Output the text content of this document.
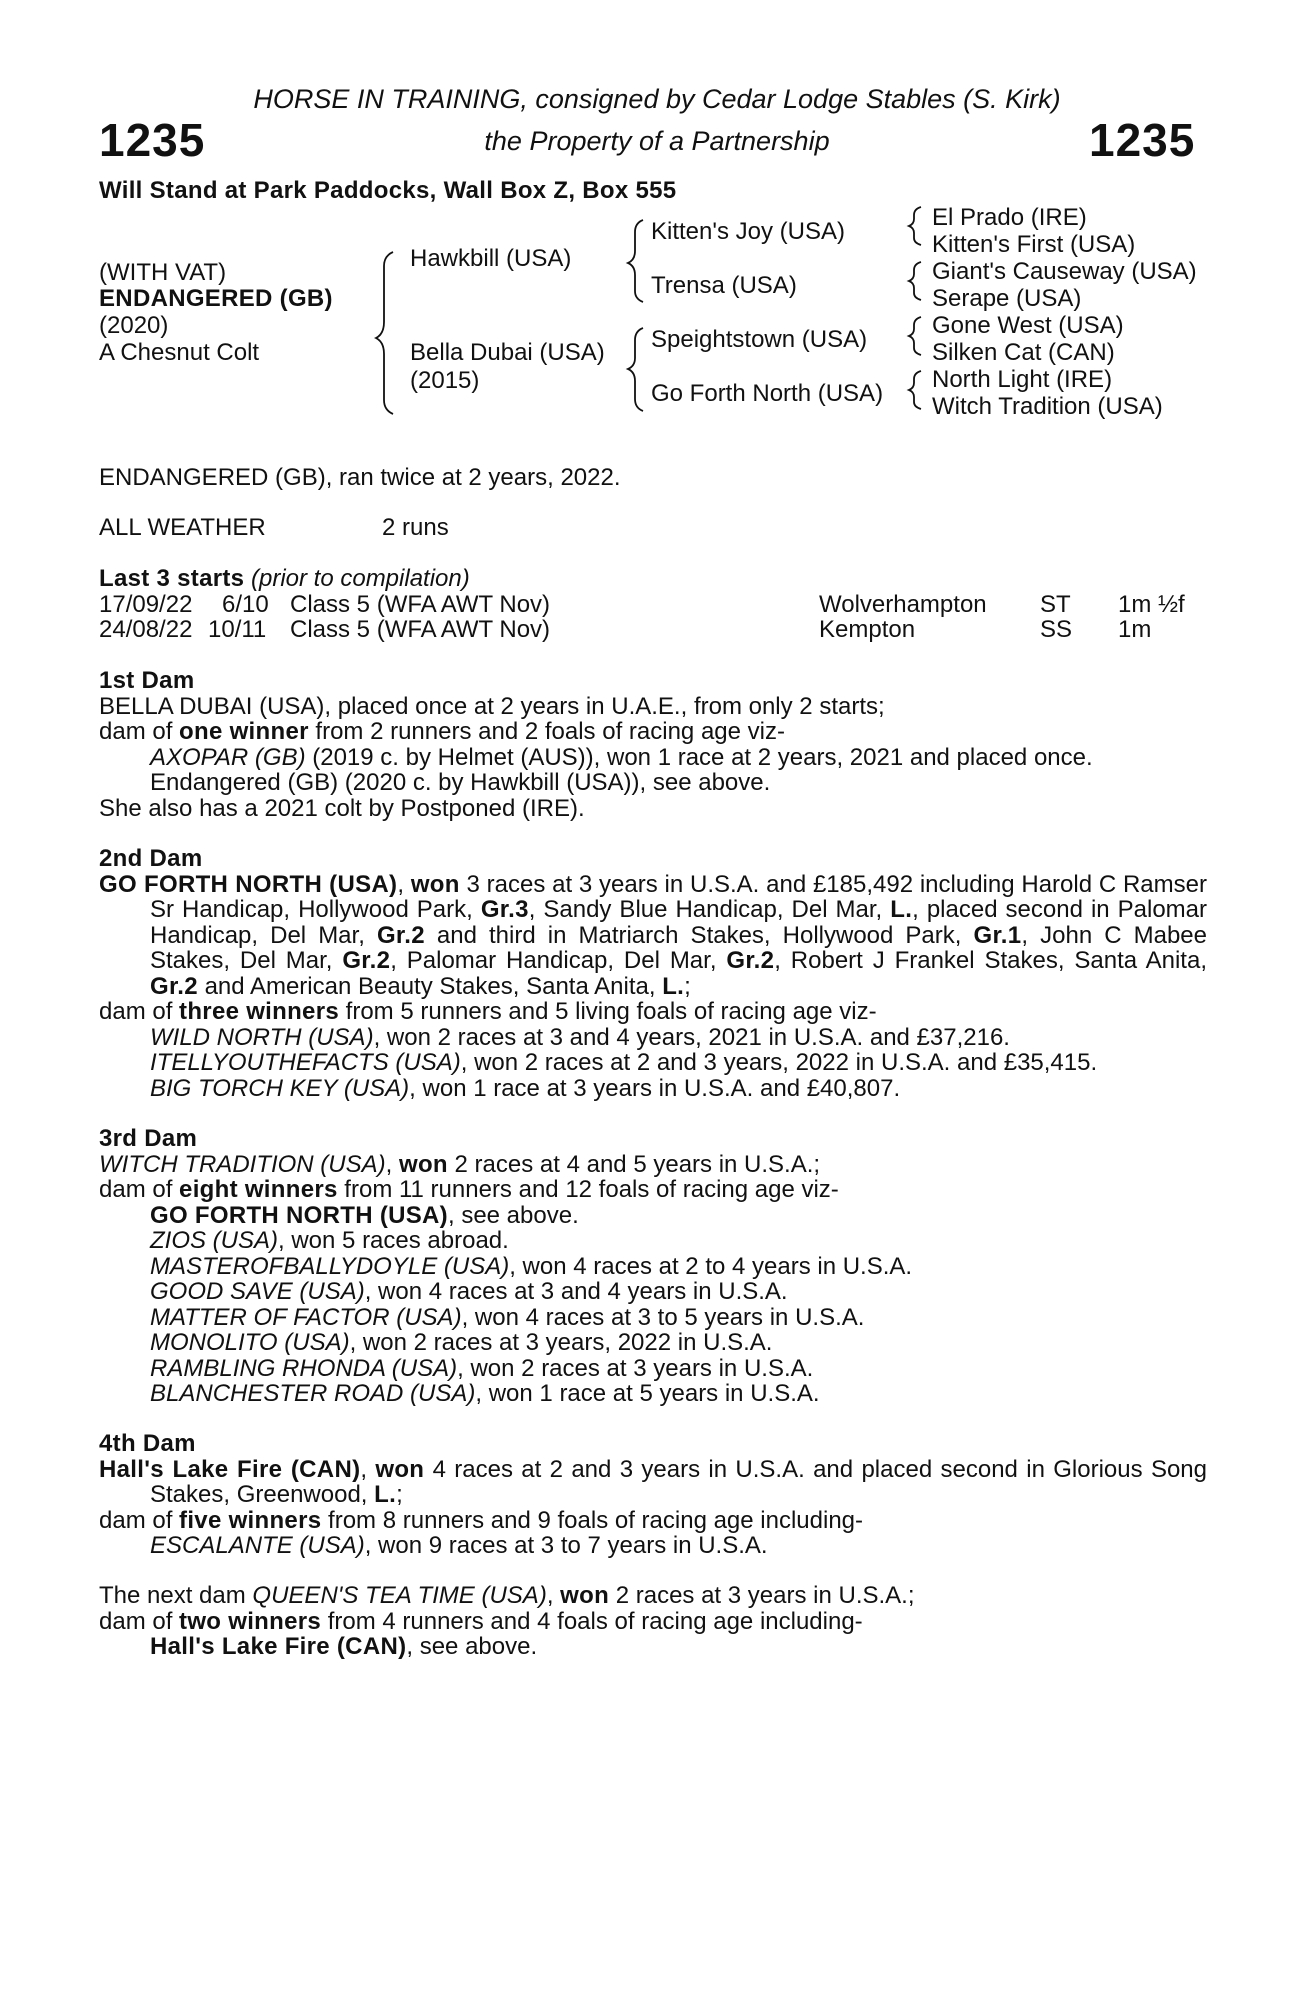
HORSE IN TRAINING, consigned by Cedar Lodge Stables (S. Kirk)
the Property of a Partnership
1235	1235
Will Stand at Park Paddocks, Wall Box Z, Box 555
(WITH VAT)
ENDANGERED (GB)
(2020)
A Chesnut Colt
Hawkbill (USA)
Bella Dubai (USA)
(2015)
Kitten's Joy (USA)
Trensa (USA)
Speightstown (USA)
Go Forth North (USA)
El Prado (IRE)
Kitten's First (USA)
Giant's Causeway (USA)
Serape (USA)
Gone West (USA)
Silken Cat (CAN)
North Light (IRE)
Witch Tradition (USA)
ENDANGERED (GB), ran twice at 2 years, 2022.
ALL WEATHER	2 runs
Last 3 starts (prior to compilation)
17/09/22 6/10 Class 5 (WFA AWT Nov)	Wolverhampton ST 1m ½f
24/08/22 10/11 Class 5 (WFA AWT Nov)	Kempton	SS 1m

1st Dam

BELLA DUBAI (USA), placed once at 2 years in U.A.E., from only 2 starts;

dam of one winner from 2 runners and 2 foals of racing age viz-

AXOPAR (GB) (2019 c. by Helmet (AUS)), won 1 race at 2 years, 2021 and placed once.

Endangered (GB) (2020 c. by Hawkbill (USA)), see above.

She also has a 2021 colt by Postponed (IRE).

2nd Dam

GO FORTH NORTH (USA), won 3 races at 3 years in U.S.A. and £185,492 including Harold C Ramser Sr Handicap, Hollywood Park, Gr.3, Sandy Blue Handicap, Del Mar, L., placed second in Palomar Handicap, Del Mar, Gr.2 and third in Matriarch Stakes, Hollywood Park, Gr.1, John C Mabee Stakes, Del Mar, Gr.2, Palomar Handicap, Del Mar, Gr.2, Robert J Frankel Stakes, Santa Anita, Gr.2 and American Beauty Stakes, Santa Anita, L.;

dam of three winners from 5 runners and 5 living foals of racing age viz-

WILD NORTH (USA), won 2 races at 3 and 4 years, 2021 in U.S.A. and £37,216.

ITELLYOUTHEFACTS (USA), won 2 races at 2 and 3 years, 2022 in U.S.A. and £35,415.

BIG TORCH KEY (USA), won 1 race at 3 years in U.S.A. and £40,807.

3rd Dam

WITCH TRADITION (USA), won 2 races at 4 and 5 years in U.S.A.;

dam of eight winners from 11 runners and 12 foals of racing age viz-

GO FORTH NORTH (USA), see above.

ZIOS (USA), won 5 races abroad.

MASTEROFBALLYDOYLE (USA), won 4 races at 2 to 4 years in U.S.A.

GOOD SAVE (USA), won 4 races at 3 and 4 years in U.S.A.

MATTER OF FACTOR (USA), won 4 races at 3 to 5 years in U.S.A.

MONOLITO (USA), won 2 races at 3 years, 2022 in U.S.A.

RAMBLING RHONDA (USA), won 2 races at 3 years in U.S.A.

BLANCHESTER ROAD (USA), won 1 race at 5 years in U.S.A.

4th Dam

Hall's Lake Fire (CAN), won 4 races at 2 and 3 years in U.S.A. and placed second in Glorious Song Stakes, Greenwood, L.;

dam of five winners from 8 runners and 9 foals of racing age including-

ESCALANTE (USA), won 9 races at 3 to 7 years in U.S.A.

The next dam QUEEN'S TEA TIME (USA), won 2 races at 3 years in U.S.A.;

dam of two winners from 4 runners and 4 foals of racing age including-

Hall's Lake Fire (CAN), see above.
